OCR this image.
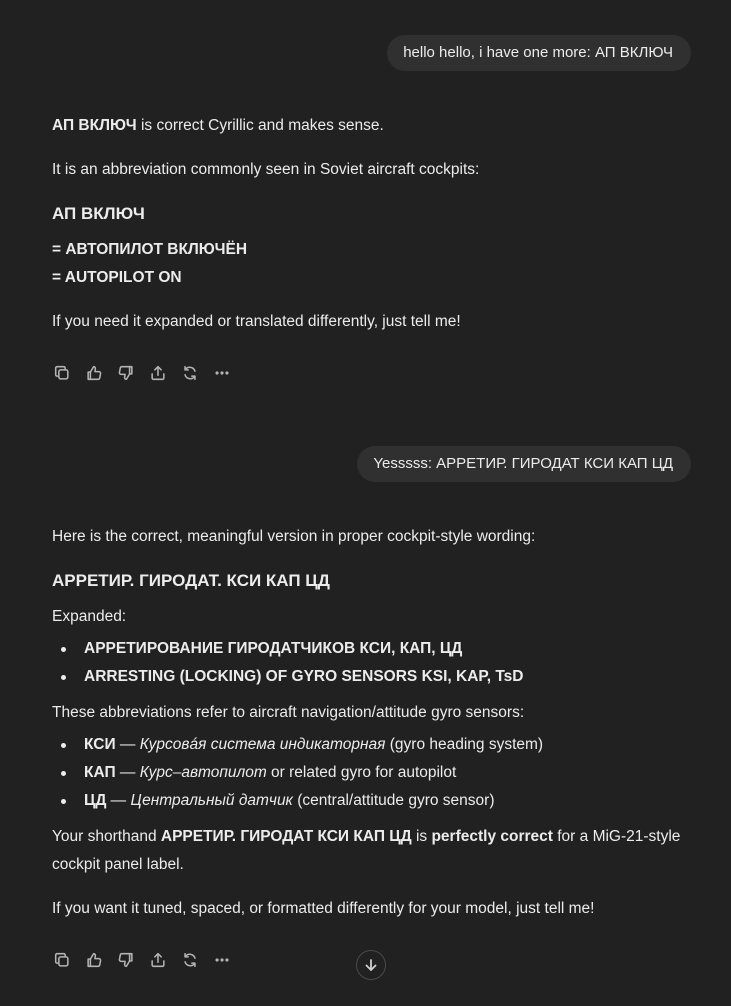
hello hello, i have one more: АП ВКЛЮЧ

АП ВКЛЮЧ is correct Cyrillic and makes sense.

It is an abbreviation commonly seen in Soviet aircraft cockpits:

АП ВКЛЮЧ

= АВТОПИЛОТ ВКЛЮЧЁН

= AUTOPILOT ON

If you need it expanded or translated differently, just tell me!

Yesssss: АРРЕТИР. ГИРОДАТ КСИ КАП ЦД

Here is the correct, meaningful version in proper cockpit-style wording:

АРРЕТИР. ГИРОДАТ. КСИ КАП ЦД

Expanded:

АРРЕТИРОВАНИЕ ГИРОДАТЧИКОВ КСИ, КАП, ЦД
ARRESTING (LOCKING) OF GYRO SENSORS KSI, KAP, TsD

These abbreviations refer to aircraft navigation/attitude gyro sensors:

КСИ — Курсовáя система индикаторная (gyro heading system)
КАП — Курс–автопилот or related gyro for autopilot
ЦД — Центральный датчик (central/attitude gyro sensor)

Your shorthand АРРЕТИР. ГИРОДАТ КСИ КАП ЦД is perfectly correct for a MiG-21-style cockpit panel label.

If you want it tuned, spaced, or formatted differently for your model, just tell me!
